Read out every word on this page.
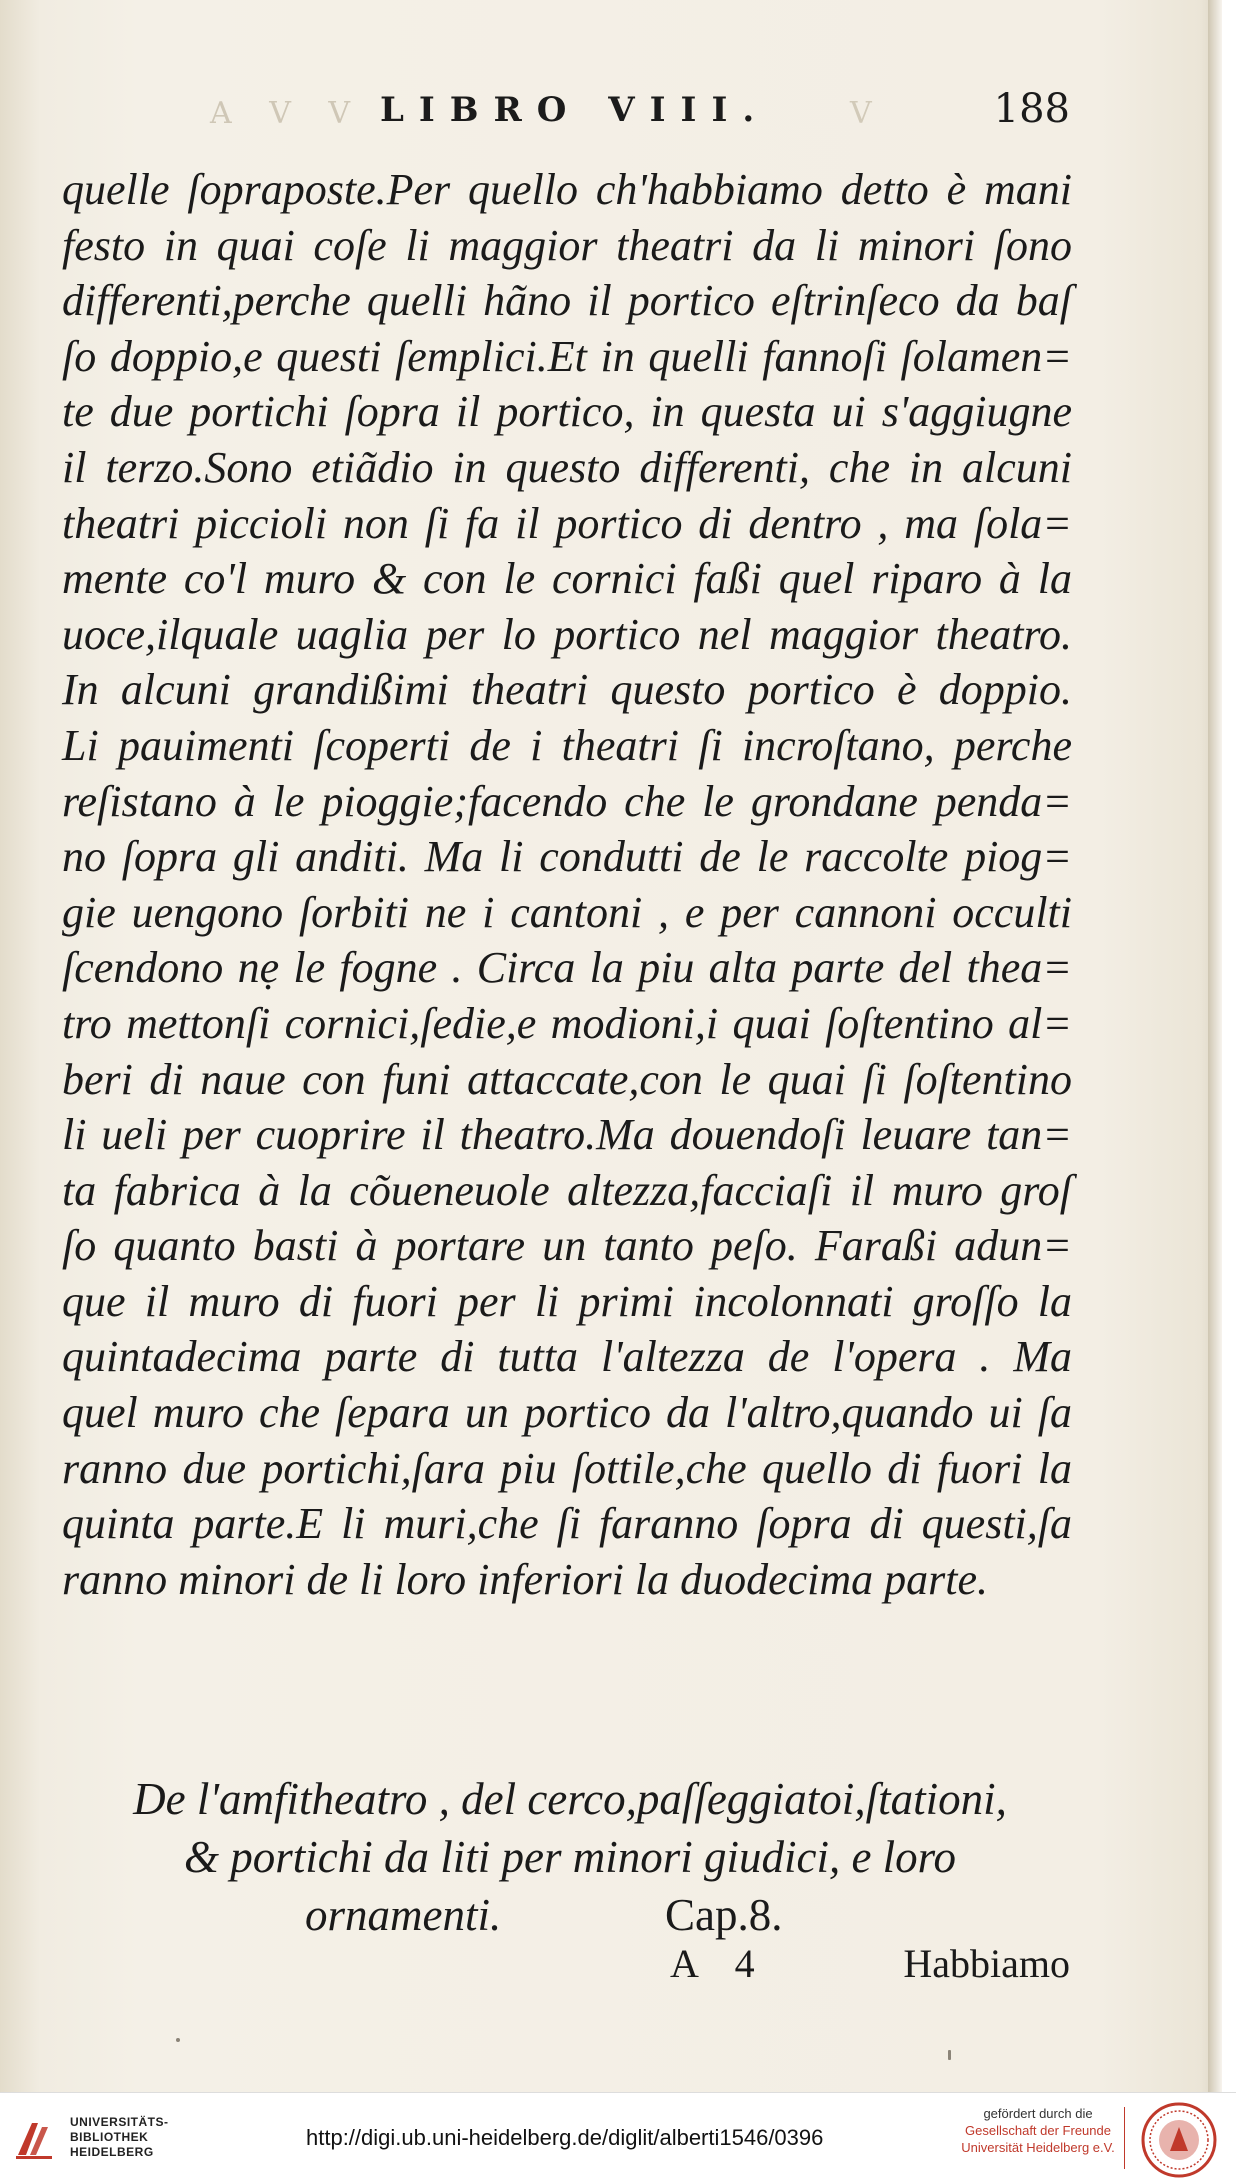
A V V LIBRO VIII.	V	188
quelle ſopraposte.Per quello ch'habbiamo detto è mani
festo in quai coſe li maggior theatri da li minori ſono
differenti,perche quelli hãno il portico eſtrinſeco da baſ
ſo doppio,e questi ſemplici.Et in quelli fannoſi ſolamen=
te due portichi ſopra il portico, in questa ui s'aggiugne
il terzo.Sono etiãdio in questo differenti, che in alcuni
theatri piccioli non ſi fa il portico di dentro , ma ſola=
mente co'l muro & con le cornici faßi quel riparo à la
uoce,ilquale uaglia per lo portico nel maggior theatro.
In alcuni grandißimi theatri questo portico è doppio.
Li pauimenti ſcoperti de i theatri ſi incroſtano, perche
reſistano à le pioggie;facendo che le grondane penda=
no ſopra gli anditi. Ma li condutti de le raccolte piog=
gie uengono ſorbiti ne i cantoni , e per cannoni occulti
ſcendono nẹ le fogne . Circa la piu alta parte del thea=
tro mettonſi cornici,ſedie,e modioni,i quai ſoſtentino al=
beri di naue con funi attaccate,con le quai ſi ſoſtentino
li ueli per cuoprire il theatro.Ma douendoſi leuare tan=
ta fabrica à la cõueneuole altezza,facciaſi il muro groſ
ſo quanto basti à portare un tanto peſo. Faraßi adun=
que il muro di fuori per li primi incolonnati groſſo la
quintadecima parte di tutta l'altezza de l'opera . Ma
quel muro che ſepara un portico da l'altro,quando ui ſa
ranno due portichi,ſara piu ſottile,che quello di fuori la
quinta parte.E li muri,che ſi faranno ſopra di questi,ſa
ranno minori de li loro inferiori la duodecima parte.
De l'amfitheatro , del cerco,paſſeggiatoi,ſtationi,
& portichi da liti per minori giudici, e loro
ornamenti.	Cap.8.
A 4	Habbiamo
UNIVERSITÄTS-
BIBLIOTHEK
HEIDELBERG
http://digi.ub.uni-heidelberg.de/diglit/alberti1546/0396
gefördert durch die
Gesellschaft der Freunde
Universität Heidelberg e.V.
